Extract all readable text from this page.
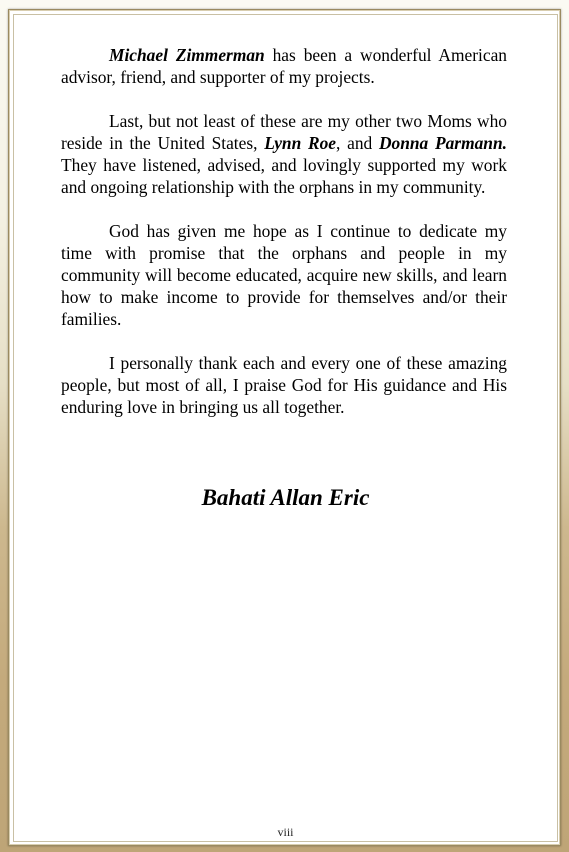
Michael Zimmerman has been a wonderful American advisor, friend, and supporter of my projects.

Last, but not least of these are my other two Moms who reside in the United States, Lynn Roe, and Donna Parmann. They have listened, advised, and lovingly supported my work and ongoing relationship with the orphans in my community.

God has given me hope as I continue to dedicate my time with promise that the orphans and people in my community will become educated, acquire new skills, and learn how to make income to provide for themselves and/or their families.

I personally thank each and every one of these amazing people, but most of all, I praise God for His guidance and His enduring love in bringing us all together.

Bahati Allan Eric
viii
